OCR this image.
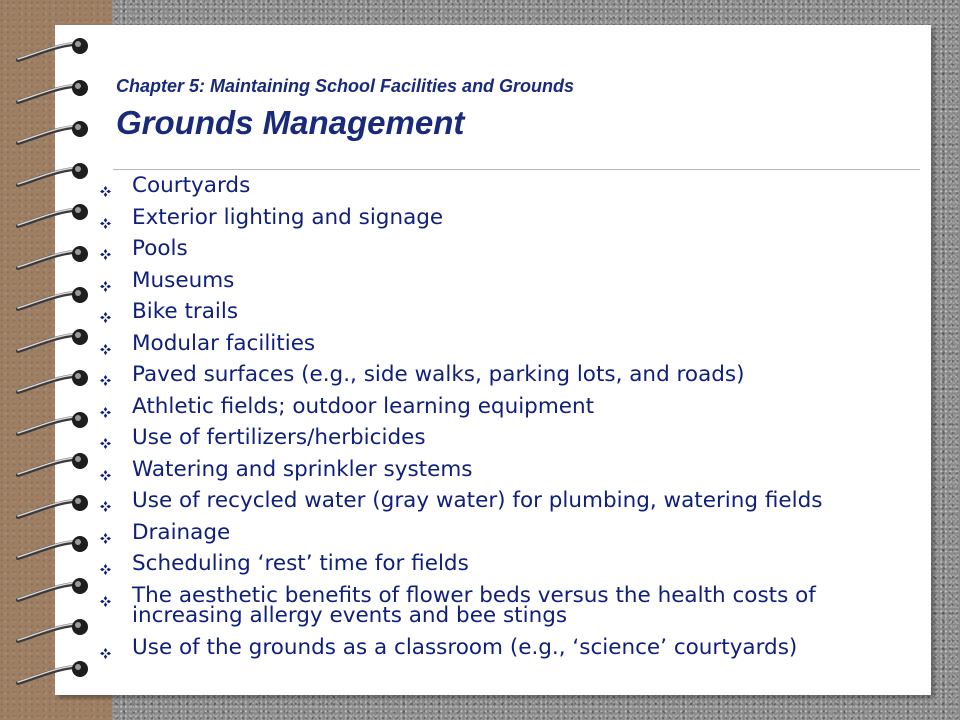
Chapter 5: Maintaining School Facilities and Grounds
Grounds Management
Courtyards
Exterior lighting and signage
Pools
Museums
Bike trails
Modular facilities
Paved surfaces (e.g., side walks, parking lots, and roads)
Athletic fields; outdoor learning equipment
Use of fertilizers/herbicides
Watering and sprinkler systems
Use of recycled water (gray water) for plumbing, watering fields
Drainage
Scheduling ‘rest’ time for fields
The aesthetic benefits of flower beds versus the health costs of increasing allergy events and bee stings
Use of the grounds as a classroom (e.g., ‘science’ courtyards)
